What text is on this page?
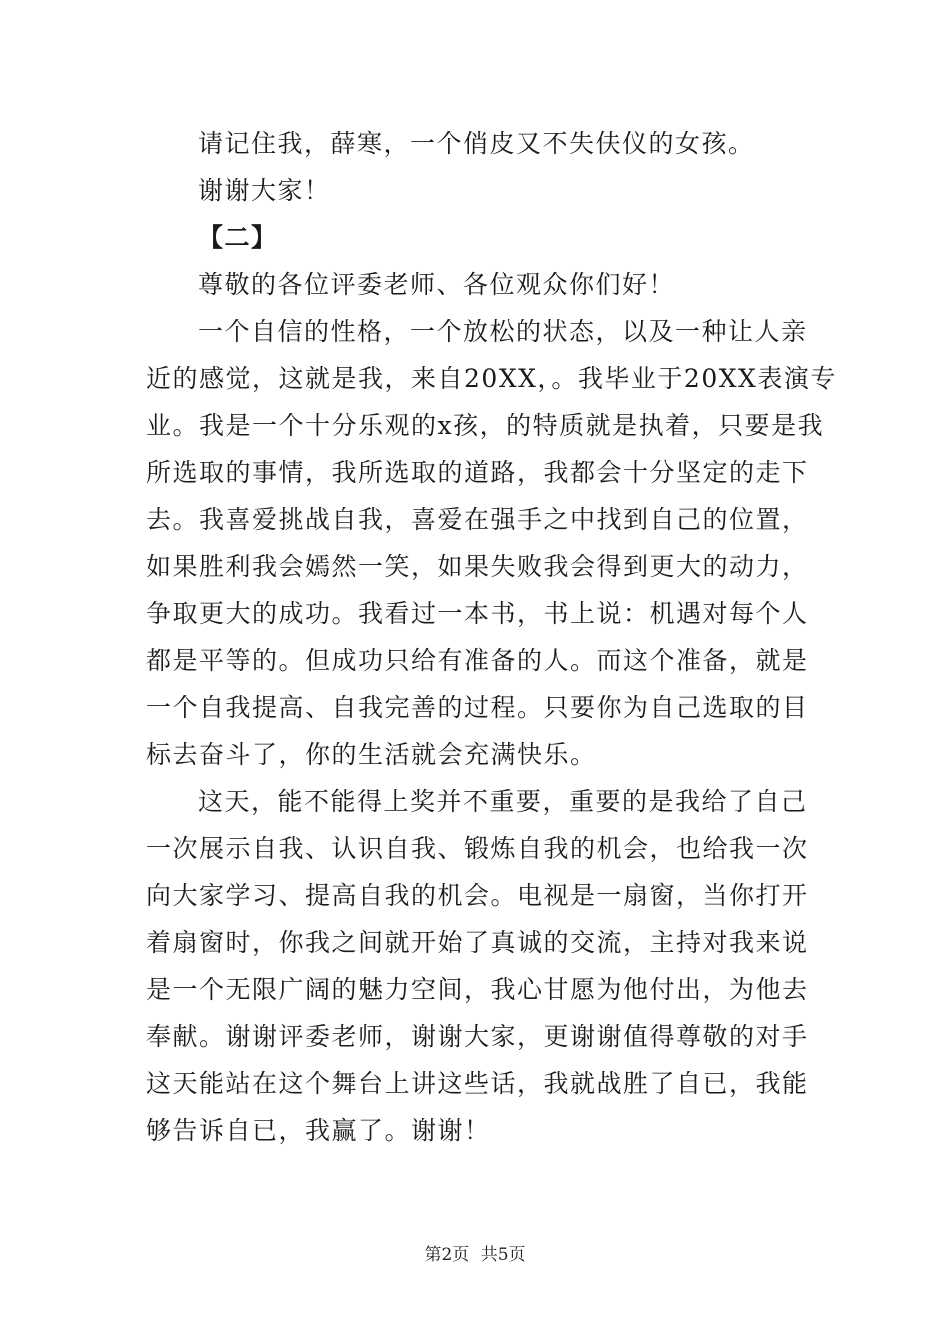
请记住我，薛寒，一个俏皮又不失伕仪的女孩。
谢谢大家！
【二】
尊敬的各位评委老师、各位观众你们好！
一个自信的性格，一个放松的状态，以及一种让人亲
近的感觉，这就是我，来自20XX，。我毕业于20XX表演专
业。我是一个十分乐观的x孩，的特质就是执着，只要是我
所选取的事情，我所选取的道路，我都会十分坚定的走下
去。我喜爱挑战自我，喜爱在强手之中找到自己的位置，
如果胜利我会嫣然一笑，如果失败我会得到更大的动力，
争取更大的成功。我看过一本书，书上说：机遇对每个人
都是平等的。但成功只给有准备的人。而这个准备，就是
一个自我提高、自我完善的过程。只要你为自己选取的目
标去奋斗了，你的生活就会充满快乐。
这天，能不能得上奖并不重要，重要的是我给了自己
一次展示自我、认识自我、锻炼自我的机会，也给我一次
向大家学习、提高自我的机会。电视是一扇窗，当你打开
着扇窗时，你我之间就开始了真诚的交流，主持对我来说
是一个无限广阔的魅力空间，我心甘愿为他付出，为他去
奉献。谢谢评委老师，谢谢大家，更谢谢值得尊敬的对手
这天能站在这个舞台上讲这些话，我就战胜了自已，我能
够告诉自已，我赢了。谢谢！
第2页 共5页
